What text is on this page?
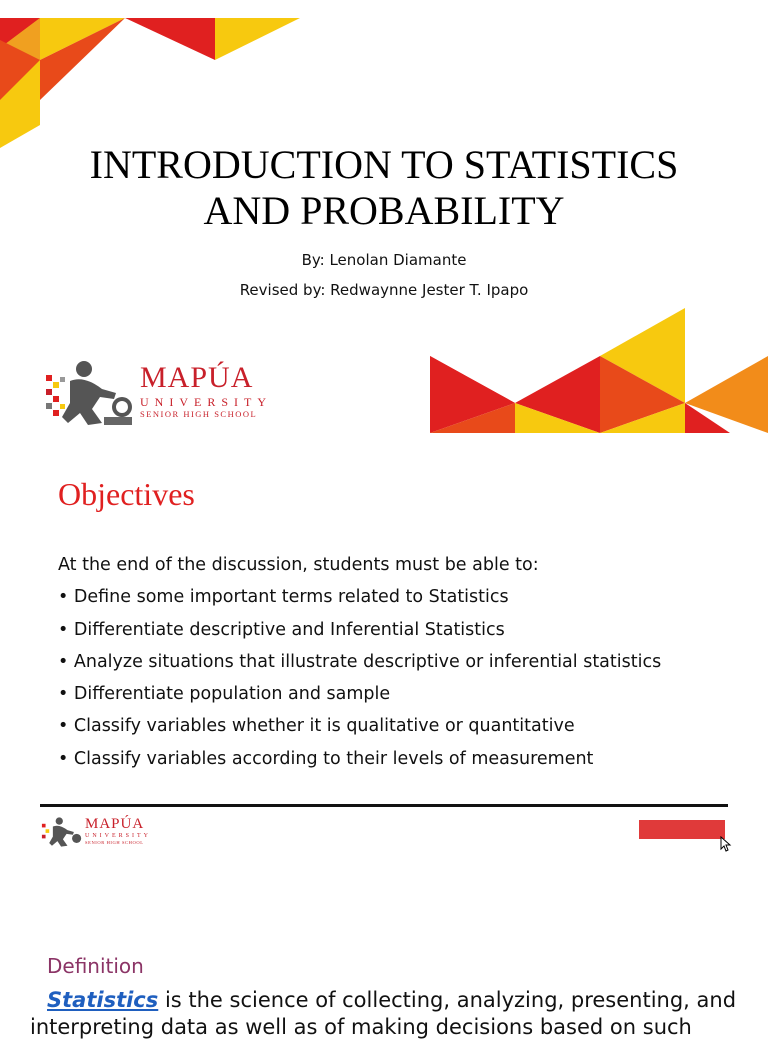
INTRODUCTION TO STATISTICS
AND PROBABILITY
By: Lenolan Diamante
Revised by: Redwaynne Jester T. Ipapo
MAPÚA
UNIVERSITY
SENIOR HIGH SCHOOL
Objectives
At the end of the discussion, students must be able to:
• Define some important terms related to Statistics
• Differentiate descriptive and Inferential Statistics
• Analyze situations that illustrate descriptive or inferential statistics
• Differentiate population and sample
• Classify variables whether it is qualitative or quantitative
• Classify variables according to their levels of measurement
MAPÚA
UNIVERSITY
SENIOR HIGH SCHOOL
Definition
Statistics is the science of collecting, analyzing, presenting, and
interpreting data as well as of making decisions based on such
